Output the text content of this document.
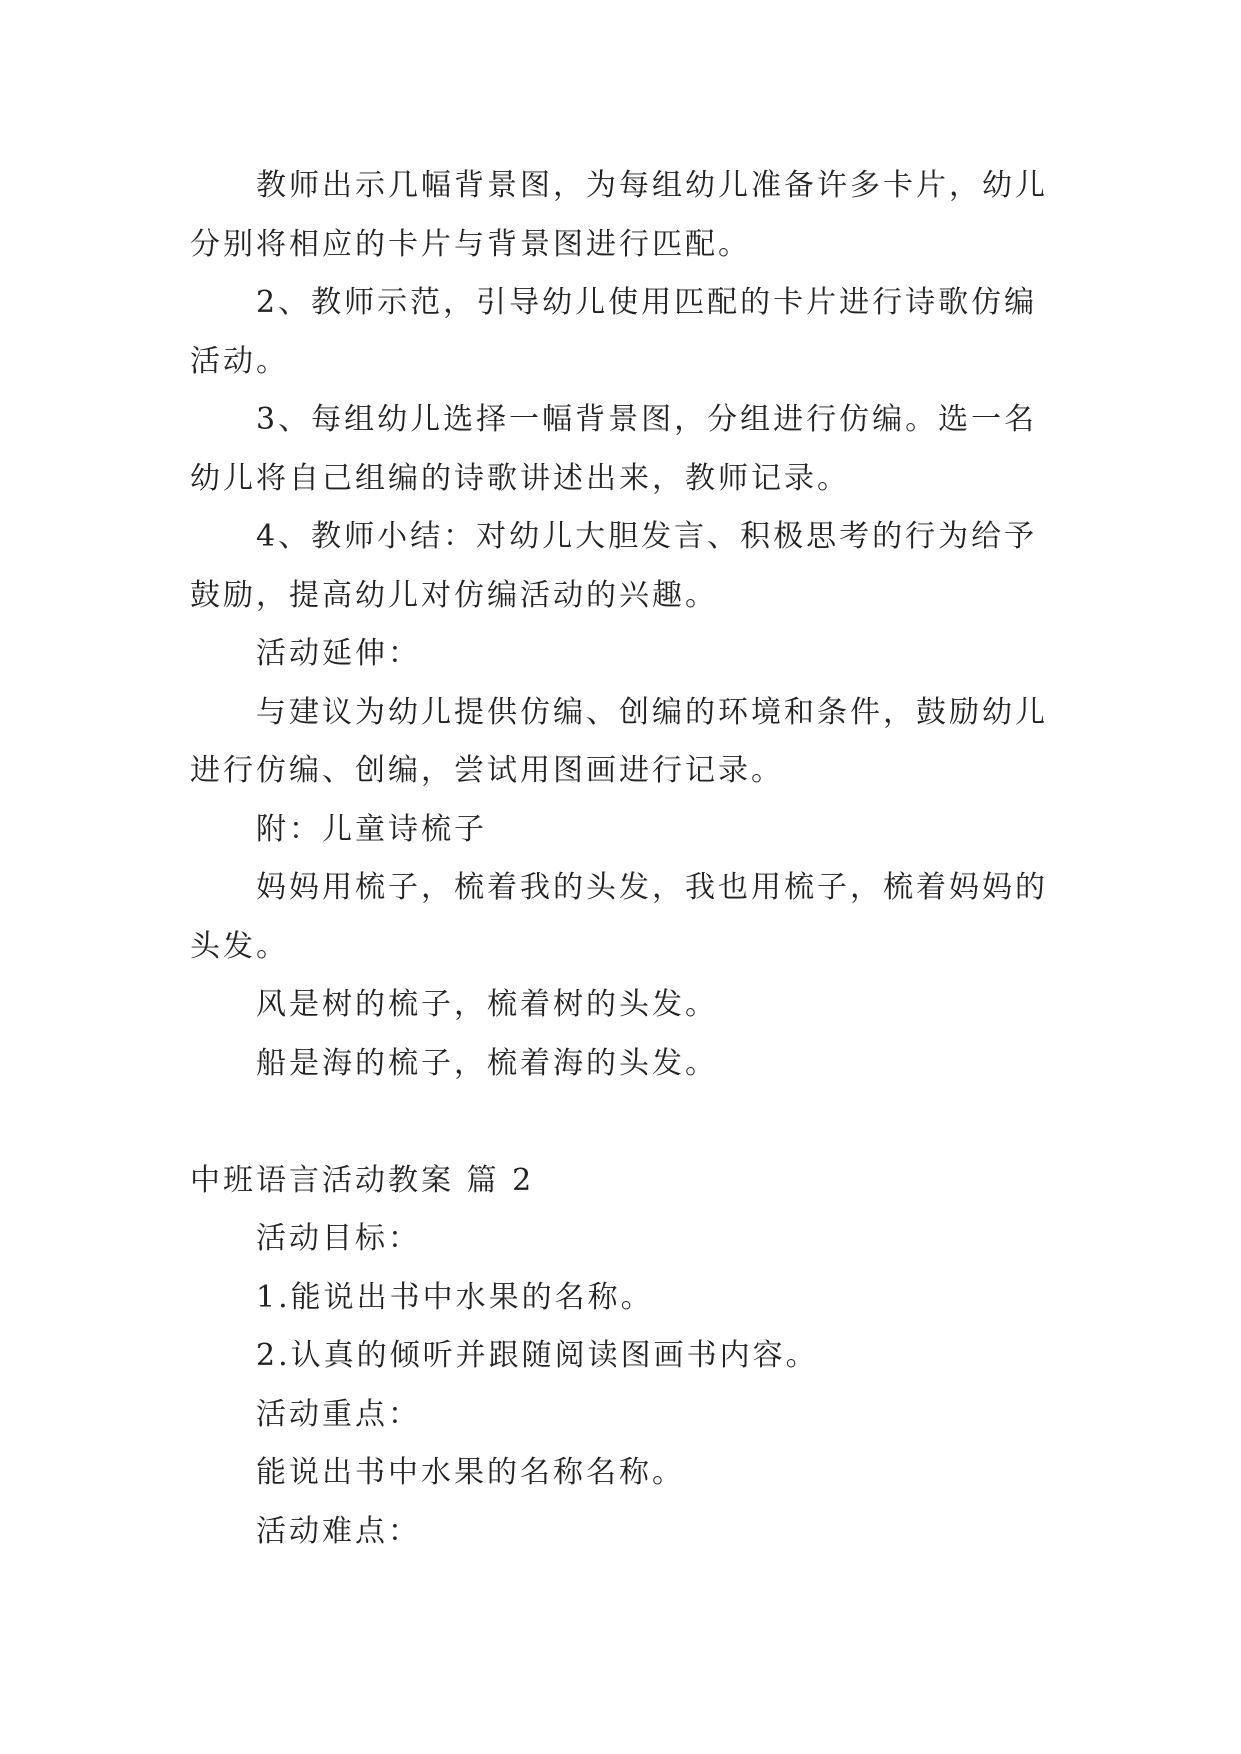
教师出示几幅背景图，为每组幼儿准备许多卡片，幼儿
分别将相应的卡片与背景图进行匹配。
2、教师示范，引导幼儿使用匹配的卡片进行诗歌仿编
活动。
3、每组幼儿选择一幅背景图，分组进行仿编。选一名
幼儿将自己组编的诗歌讲述出来，教师记录。
4、教师小结：对幼儿大胆发言、积极思考的行为给予
鼓励，提高幼儿对仿编活动的兴趣。
活动延伸：
与建议为幼儿提供仿编、创编的环境和条件，鼓励幼儿
进行仿编、创编，尝试用图画进行记录。
附：儿童诗梳子
妈妈用梳子，梳着我的头发，我也用梳子，梳着妈妈的
头发。
风是树的梳子，梳着树的头发。
船是海的梳子，梳着海的头发。
中班语言活动教案 篇 2
活动目标：
1.能说出书中水果的名称。
2.认真的倾听并跟随阅读图画书内容。
活动重点：
能说出书中水果的名称名称。
活动难点：
